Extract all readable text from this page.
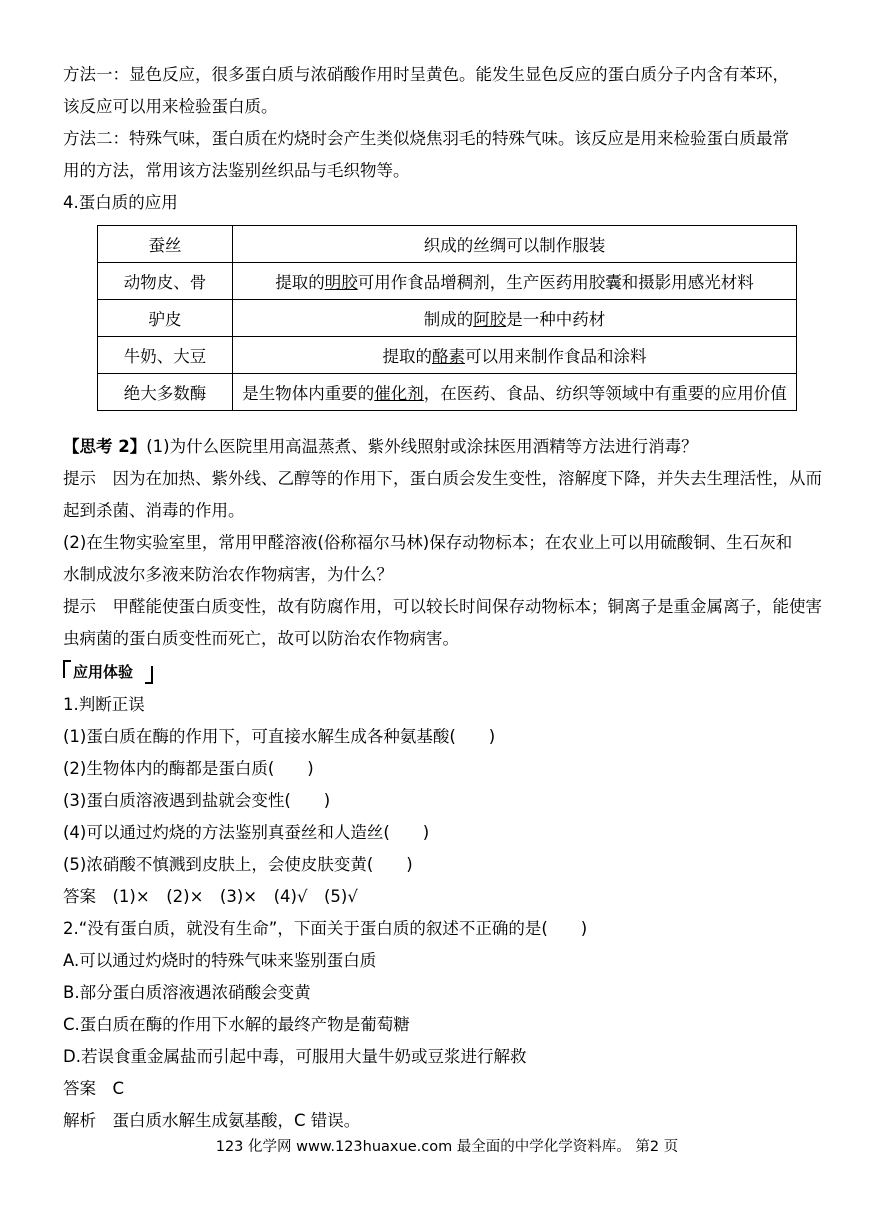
方法一：显色反应，很多蛋白质与浓硝酸作用时呈黄色。能发生显色反应的蛋白质分子内含有苯环，
该反应可以用来检验蛋白质。
方法二：特殊气味，蛋白质在灼烧时会产生类似烧焦羽毛的特殊气味。该反应是用来检验蛋白质最常
用的方法，常用该方法鉴别丝织品与毛织物等。
4.蛋白质的应用
蚕丝	织成的丝绸可以制作服装
动物皮、骨	提取的明胶可用作食品增稠剂，生产医药用胶囊和摄影用感光材料
驴皮	制成的阿胶是一种中药材
牛奶、大豆	提取的酪素可以用来制作食品和涂料
绝大多数酶	是生物体内重要的催化剂，在医药、食品、纺织等领域中有重要的应用价值
【思考 2】(1)为什么医院里用高温蒸煮、紫外线照射或涂抹医用酒精等方法进行消毒？
提示　因为在加热、紫外线、乙醇等的作用下，蛋白质会发生变性，溶解度下降，并失去生理活性，从而
起到杀菌、消毒的作用。
(2)在生物实验室里，常用甲醛溶液(俗称福尔马林)保存动物标本；在农业上可以用硫酸铜、生石灰和
水制成波尔多液来防治农作物病害，为什么？
提示　甲醛能使蛋白质变性，故有防腐作用，可以较长时间保存动物标本；铜离子是重金属离子，能使害
虫病菌的蛋白质变性而死亡，故可以防治农作物病害。
应用体验
1.判断正误
(1)蛋白质在酶的作用下，可直接水解生成各种氨基酸(　　)
(2)生物体内的酶都是蛋白质(　　)
(3)蛋白质溶液遇到盐就会变性(　　)
(4)可以通过灼烧的方法鉴别真蚕丝和人造丝(　　)
(5)浓硝酸不慎溅到皮肤上，会使皮肤变黄(　　)
答案　(1)×　(2)×　(3)×　(4)√　(5)√
2.“没有蛋白质，就没有生命”，下面关于蛋白质的叙述不正确的是(　　)
A.可以通过灼烧时的特殊气味来鉴别蛋白质
B.部分蛋白质溶液遇浓硝酸会变黄
C.蛋白质在酶的作用下水解的最终产物是葡萄糖
D.若误食重金属盐而引起中毒，可服用大量牛奶或豆浆进行解救
答案　C
解析　蛋白质水解生成氨基酸，C 错误。
123 化学网 www.123huaxue.com 最全面的中学化学资料库。 第2 页
